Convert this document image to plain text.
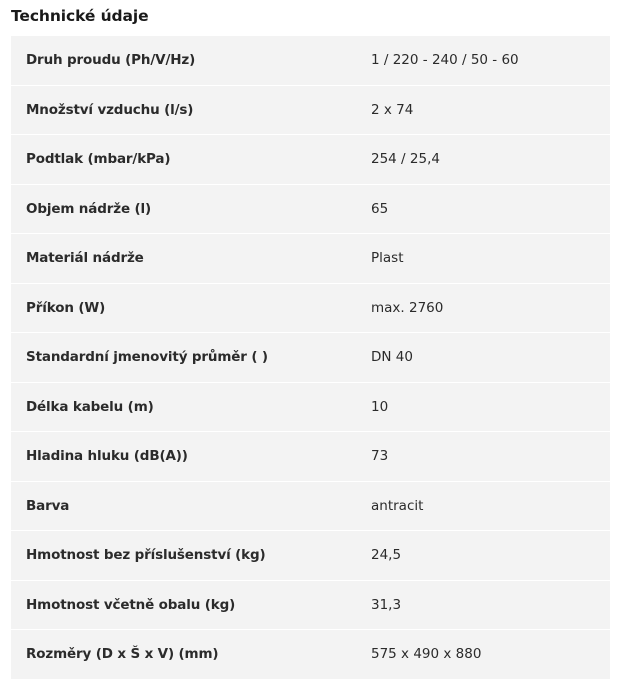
Technické údaje
Druh proudu (Ph/V/Hz)	1 / 220 - 240 / 50 - 60
Množství vzduchu (l/s)	2 x 74
Podtlak (mbar/kPa)	254 / 25,4
Objem nádrže (l)	65
Materiál nádrže	Plast
Příkon (W)	max. 2760
Standardní jmenovitý průměr ( )	DN 40
Délka kabelu (m)	10
Hladina hluku (dB(A))	73
Barva	antracit
Hmotnost bez příslušenství (kg)	24,5
Hmotnost včetně obalu (kg)	31,3
Rozměry (D x Š x V) (mm)	575 x 490 x 880
